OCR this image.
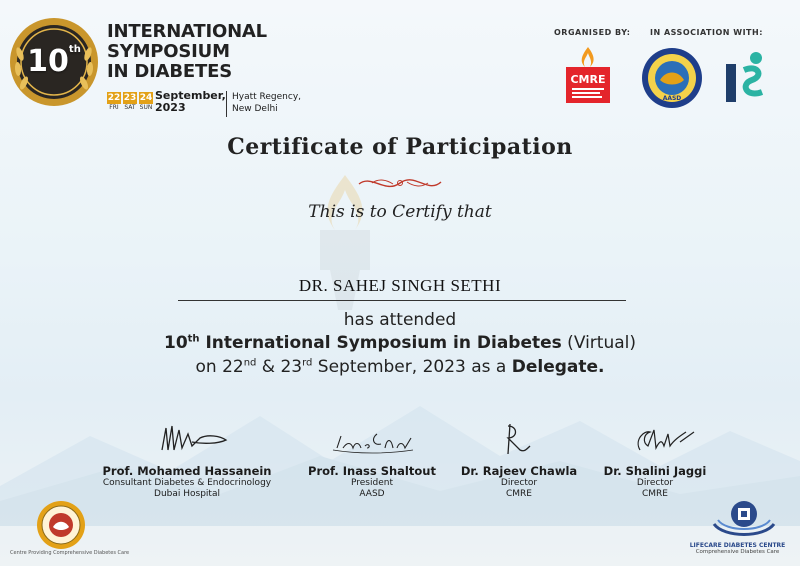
10th
INTERNATIONAL
SYMPOSIUM
IN DIABETES
22
FRI
23
SAT
24
SUN
September,
2023
Hyatt Regency,
New Delhi
ORGANISED BY: IN ASSOCIATION WITH:
CMRE
AASD
Certificate of Participation
This is to Certify that
DR. SAHEJ SINGH SETHI
has attended
10th International Symposium in Diabetes (Virtual)
on 22nd & 23rd September, 2023 as a Delegate.
Prof. Mohamed Hassanein
Consultant Diabetes & Endocrinology
Dubai Hospital
Prof. Inass Shaltout
President
AASD
Dr. Rajeev Chawla
Director
CMRE
Dr. Shalini Jaggi
Director
CMRE
Centre Providing Comprehensive Diabetes Care
LIFECARE DIABETES CENTRE
Comprehensive Diabetes Care
